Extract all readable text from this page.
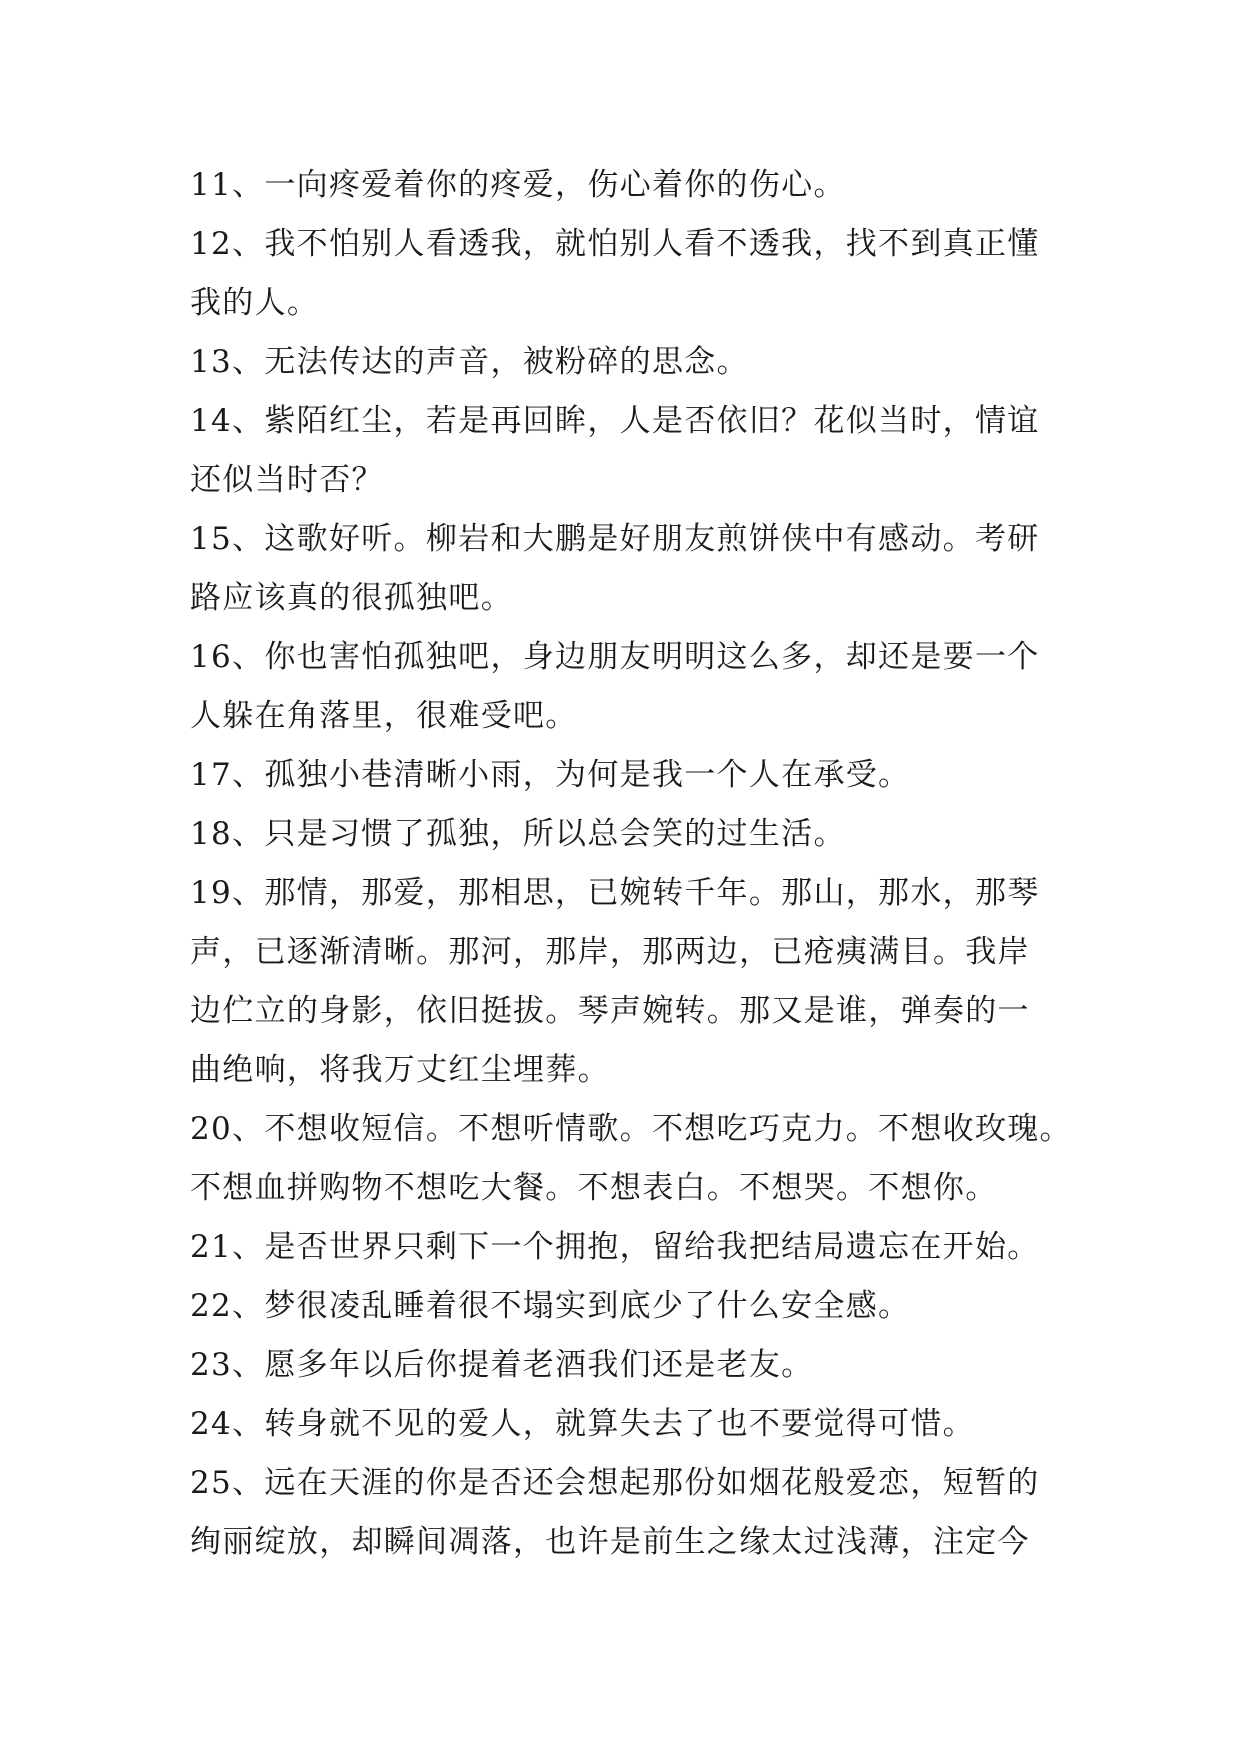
11、一向疼爱着你的疼爱，伤心着你的伤心。
12、我不怕别人看透我，就怕别人看不透我，找不到真正懂
我的人。
13、无法传达的声音，被粉碎的思念。
14、紫陌红尘，若是再回眸，人是否依旧？花似当时，情谊
还似当时否？
15、这歌好听。柳岩和大鹏是好朋友煎饼侠中有感动。考研
路应该真的很孤独吧。
16、你也害怕孤独吧，身边朋友明明这么多，却还是要一个
人躲在角落里，很难受吧。
17、孤独小巷清晰小雨，为何是我一个人在承受。
18、只是习惯了孤独，所以总会笑的过生活。
19、那情，那爱，那相思，已婉转千年。那山，那水，那琴
声，已逐渐清晰。那河，那岸，那两边，已疮痍满目。我岸
边伫立的身影，依旧挺拔。琴声婉转。那又是谁，弹奏的一
曲绝响，将我万丈红尘埋葬。
20、不想收短信。不想听情歌。不想吃巧克力。不想收玫瑰。
不想血拼购物不想吃大餐。不想表白。不想哭。不想你。
21、是否世界只剩下一个拥抱，留给我把结局遗忘在开始。
22、梦很凌乱睡着很不塌实到底少了什么安全感。
23、愿多年以后你提着老酒我们还是老友。
24、转身就不见的爱人，就算失去了也不要觉得可惜。
25、远在天涯的你是否还会想起那份如烟花般爱恋，短暂的
绚丽绽放，却瞬间凋落，也许是前生之缘太过浅薄，注定今
